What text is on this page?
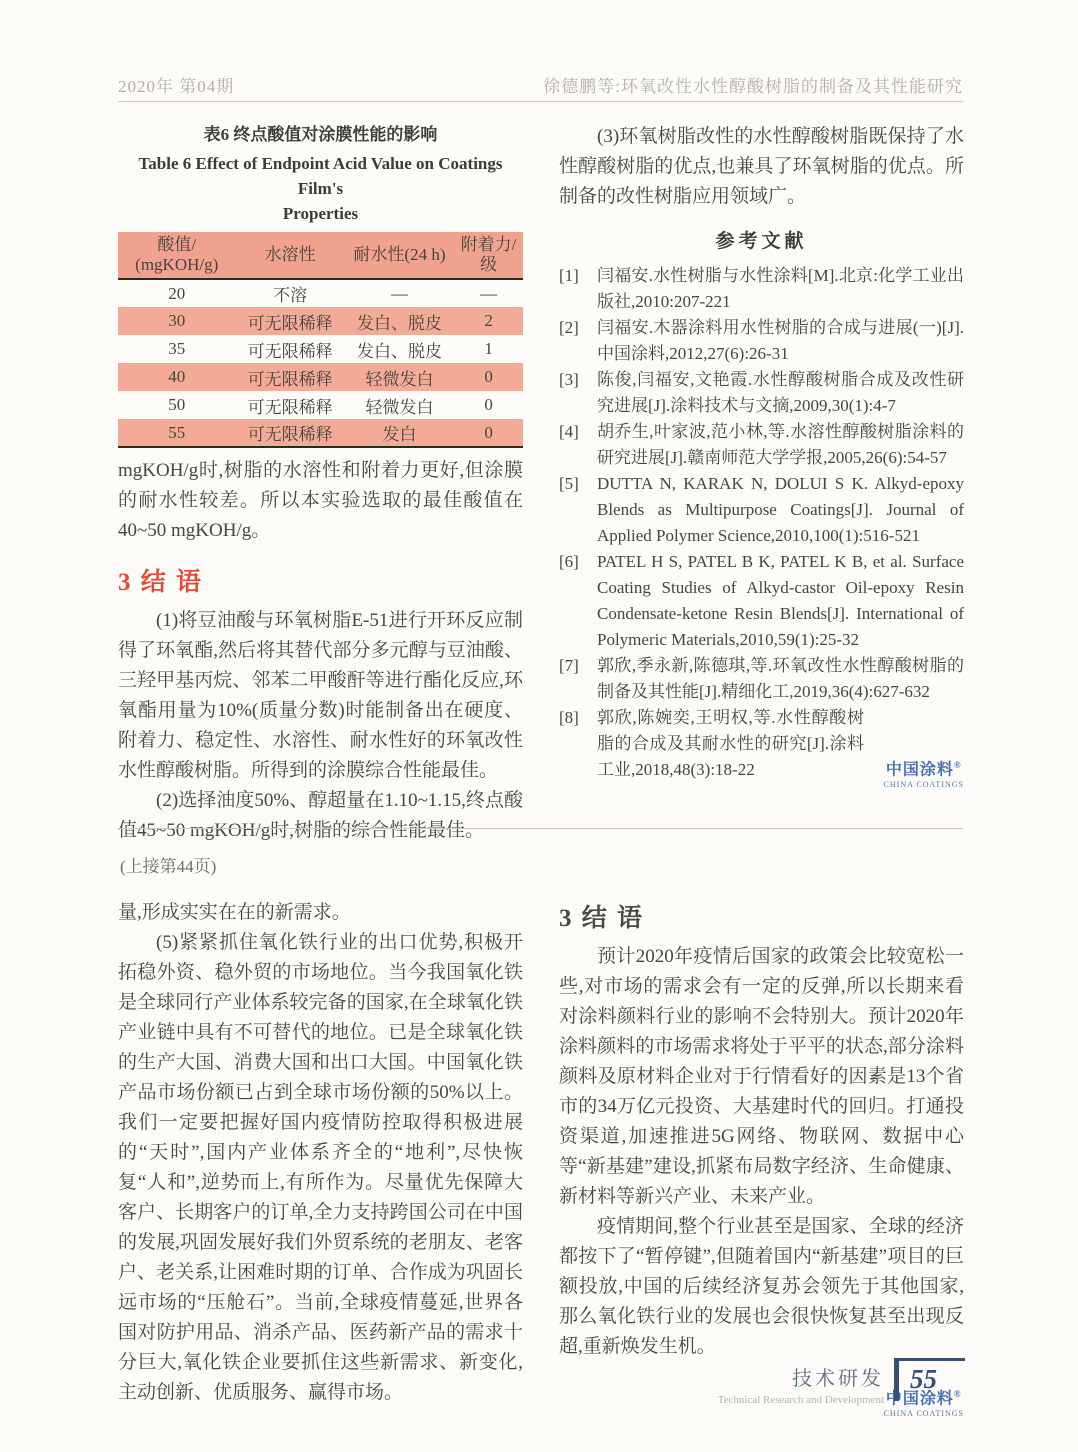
2020年 第04期	徐德鹏等:环氧改性水性醇酸树脂的制备及其性能研究
表6 终点酸值对涂膜性能的影响
Table 6 Effect of Endpoint Acid Value on Coatings Film's
Properties
酸值/
(mgKOH/g)	水溶性	耐水性(24 h)	附着力/级
20	不溶	—	—
30	可无限稀释	发白、脱皮	2
35	可无限稀释	发白、脱皮	1
40	可无限稀释	轻微发白	0
50	可无限稀释	轻微发白	0
55	可无限稀释	发白	0

mgKOH/g时,树脂的水溶性和附着力更好,但涂膜的耐水性较差。所以本实验选取的最佳酸值在40~50 mgKOH/g。

3 结 语

(1)将豆油酸与环氧树脂E-51进行开环反应制得了环氧酯,然后将其替代部分多元醇与豆油酸、三羟甲基丙烷、邻苯二甲酸酐等进行酯化反应,环氧酯用量为10%(质量分数)时能制备出在硬度、附着力、稳定性、水溶性、耐水性好的环氧改性水性醇酸树脂。所得到的涂膜综合性能最佳。

(2)选择油度50%、醇超量在1.10~1.15,终点酸值45~50 mgKOH/g时,树脂的综合性能最佳。

(3)环氧树脂改性的水性醇酸树脂既保持了水性醇酸树脂的优点,也兼具了环氧树脂的优点。所制备的改性树脂应用领域广。

参考文献
[1]	闫福安.水性树脂与水性涂料[M].北京:化学工业出版社,2010:207-221
[2]	闫福安.木器涂料用水性树脂的合成与进展(一)[J].中国涂料,2012,27(6):26-31
[3]	陈俊,闫福安,文艳霞.水性醇酸树脂合成及改性研究进展[J].涂料技术与文摘,2009,30(1):4-7
[4]	胡乔生,叶家波,范小林,等.水溶性醇酸树脂涂料的研究进展[J].赣南师范大学学报,2005,26(6):54-57
[5]	DUTTA N, KARAK N, DOLUI S K. Alkyd-epoxy Blends as Multipurpose Coatings[J]. Journal of Applied Polymer Science,2010,100(1):516-521
[6]	PATEL H S, PATEL B K, PATEL K B, et al. Surface Coating Studies of Alkyd-castor Oil-epoxy Resin Condensate-ketone Resin Blends[J]. International of Polymeric Materials,2010,59(1):25-32
[7]	郭欣,季永新,陈德琪,等.环氧改性水性醇酸树脂的制备及其性能[J].精细化工,2019,36(4):627-632
[8]	郭欣,陈婉奕,王明权,等.水性醇酸树脂的合成及其耐水性的研究[J].涂料工业,2018,48(3):18-22	中国涂料®
CHINA COATINGS
(上接第44页)

量,形成实实在在的新需求。

(5)紧紧抓住氧化铁行业的出口优势,积极开拓稳外资、稳外贸的市场地位。当今我国氧化铁是全球同行产业体系较完备的国家,在全球氧化铁产业链中具有不可替代的地位。已是全球氧化铁的生产大国、消费大国和出口大国。中国氧化铁产品市场份额已占到全球市场份额的50%以上。我们一定要把握好国内疫情防控取得积极进展的“天时”,国内产业体系齐全的“地利”,尽快恢复“人和”,逆势而上,有所作为。尽量优先保障大客户、长期客户的订单,全力支持跨国公司在中国的发展,巩固发展好我们外贸系统的老朋友、老客户、老关系,让困难时期的订单、合作成为巩固长远市场的“压舱石”。当前,全球疫情蔓延,世界各国对防护用品、消杀产品、医药新产品的需求十分巨大,氧化铁企业要抓住这些新需求、新变化,主动创新、优质服务、赢得市场。

3 结 语

预计2020年疫情后国家的政策会比较宽松一些,对市场的需求会有一定的反弹,所以长期来看对涂料颜料行业的影响不会特别大。预计2020年涂料颜料的市场需求将处于平平的状态,部分涂料颜料及原材料企业对于行情看好的因素是13个省市的34万亿元投资、大基建时代的回归。打通投资渠道,加速推进5G网络、物联网、数据中心等“新基建”建设,抓紧布局数字经济、生命健康、新材料等新兴产业、未来产业。

疫情期间,整个行业甚至是国家、全球的经济都按下了“暂停键”,但随着国内“新基建”项目的巨额投放,中国的后续经济复苏会领先于其他国家,那么氧化铁行业的发展也会很快恢复甚至出现反超,重新焕发生机。

中国涂料®
CHINA COATINGS
技术研发
Technical Research and Development
55
